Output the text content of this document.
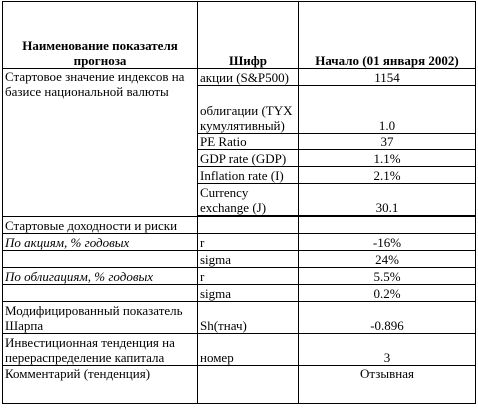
Наименование показателя прогноза	Шифр	Начало (01 января 2002)
Стартовое значение индексов на базисе национальной валюты	акции (S&P500)	1154
	облигации (TYX кумулятивный)	1.0
	PE Ratio	37
	GDP rate (GDP)	1.1%
	Inflation rate (I)	2.1%
	Currency exchange (J)	30.1

Стартовые доходности и риски		
По акциям, % годовых	r	-16%
	sigma	24%
По облигациям, % годовых	r	5.5%
	sigma	0.2%
Модифицированный показатель Шарпа	Sh(тнач)	-0.896
Инвестиционная тенденция на перераспределение капитала	номер	3
Комментарий (тенденция)		Отзывная
